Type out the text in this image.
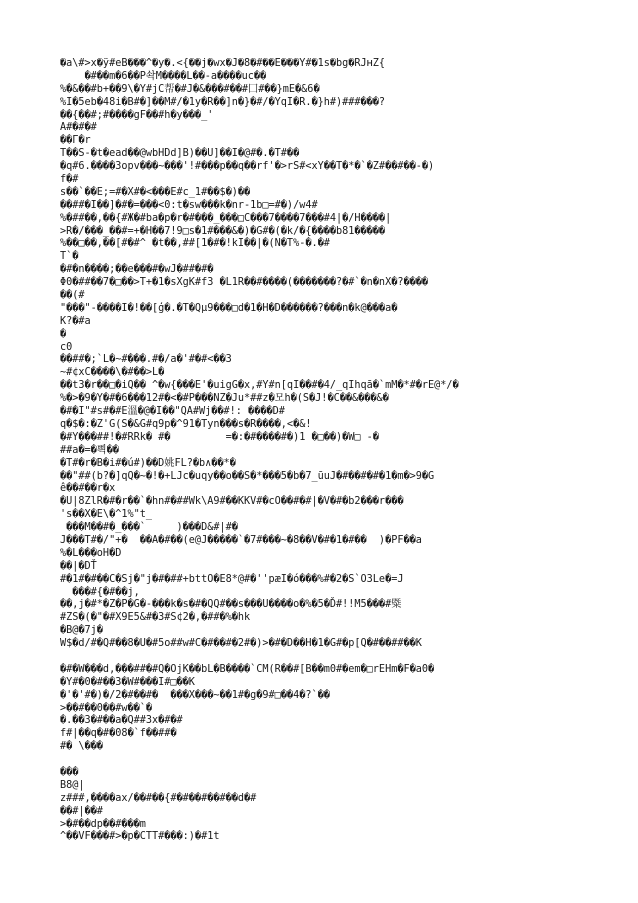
�a\#>x�ÿ#eB���^�y�.<{��j�wx�J�8�#��E���Y#�1s�bg�RJʜZ{
�#��m�6��P솩M����L��-a����uc��
%�&��#b+��9\�Y#jC帮�#J�&���#��#囗#��}mE�&6�
%I�5eb�48i�B#�]��M#/�1y�R��]n�}�#/�YqI�R.�}h#)###���?
��{��#;#����gF��#h�y���_'
A#�#�#
��Γ�r
T��S-�t�ead��@wbHDd]B)��U]��I�@#�.�T#��
�q#6.����3opv���~���'!#���p��q��rf'�>rS#<xY��T�*�`�Z#��#��-�)
f�#
s��`��E;=#�X#�<���E#c_1#��$�)��
��##�I��]�#�=���<0:t�sw���k�nr-1b□=#�)/w4#
%�##��,��{#Ж�#ba�p�r�#���_���□C���7����7���#4|�/H����|
>R�/���_��#=+�H��7!9□s�1#���&�)�G#�(�k/�{����b81�����
%��□��,��[#�#^ �t��,##[1�#�!kI��|�(N�T%-�.�#
T`�
�#�n����;��e���#�wJ�##�#�
Φ0�##��7�□��>T+�1�sXgK#f3 �L1R��#����(�������?�#`�n�nX�?����
��(#
"���"-����I�!��[ģ�.�T�Qµ9���□d�1�H�D������?���n�k@���a�
K?�#a
�
c0
��##�;`L�~#���.#�/a�'#�#<��3
~#¢xC����\�#��>L�
��t3�r��□�iQ�� ^�w{���E'�uigG�x,#Y#n[qI��#�4/_qIhqā�`mM�*#�rE@*/�
%�>�9�Y�#�6���12#�<�#P���NZ�Ju*##z�모h�(S�J!�C��&���&�
�#�I"#s#�#E溫�@�I��"QA#Wj��#!: ����D#
q�$�:�Z'G(S�&G#q9p�^91�Tyn���s�R����,<�&!
�#Y���##!�#RRk� #�         =�:�#����#�)1 �□��)�W□ -�
##a�=�쁵��
�T#�r�B�i#�ú#)��D姚FL?�b∧��*�
��"##(b?�]qQ�~�!�+LJc�uqy��o��S�*���5�b�7_ūuJ�#��#�#�1�m�>9�G
ê��#��r�x
�U|8ZlR�#�r��`�hn#�##Wk\A9#��KKV#�cO��#�#|�V�#�b2���r���
's��X�E\�^1%"t_
���M��#�_���`     )���D&#|#�
J���T#�/"+�  ��A�#��(e@J�����`�7#���~�8��V�#�1�#��  )�PF��a
%�L���oH�D
��|�DŤ
#�1#�#��C�Sj�"j�#�##+bttO�E8*@#�''pæI�ó���%#�2�S`O3Le�=J
���#{�#��j,
��,j�#*�Z�P�G�-���k�s�#�QQ#��s���U����o�%�5�Ď#!!M5���#䊠
#ZS�(�"�#X9E5&#�3#S¢2�,�##�%�hk
�B@�7j�
W$�d/#�Q#��8�U�#5o##w#C�#��#�2#�)>�#�D��H�1�G#�p[Q�#��##��K
�#�W���d,���##�#Q�OjK��bL�B����`CM(R��#[B��m0#�em�□rEHm�F�a0�
�Y#�0�#��3�W#���I#□��K
�'�'#�)�/2�#��#�  ���X���~��1#�g�9#□��4�?`��
>��#��0��#w��`�
�.��3�#��a�Q##3x�#�#
f#|��q�#�08�`f��##�
#� \���
���
B8@|
z###,����ax/��#��{#�#��#��#��d�#
��#|��#
>�#��dp��#���m
^��VF���#>�p�CTT#���:)�#1t
